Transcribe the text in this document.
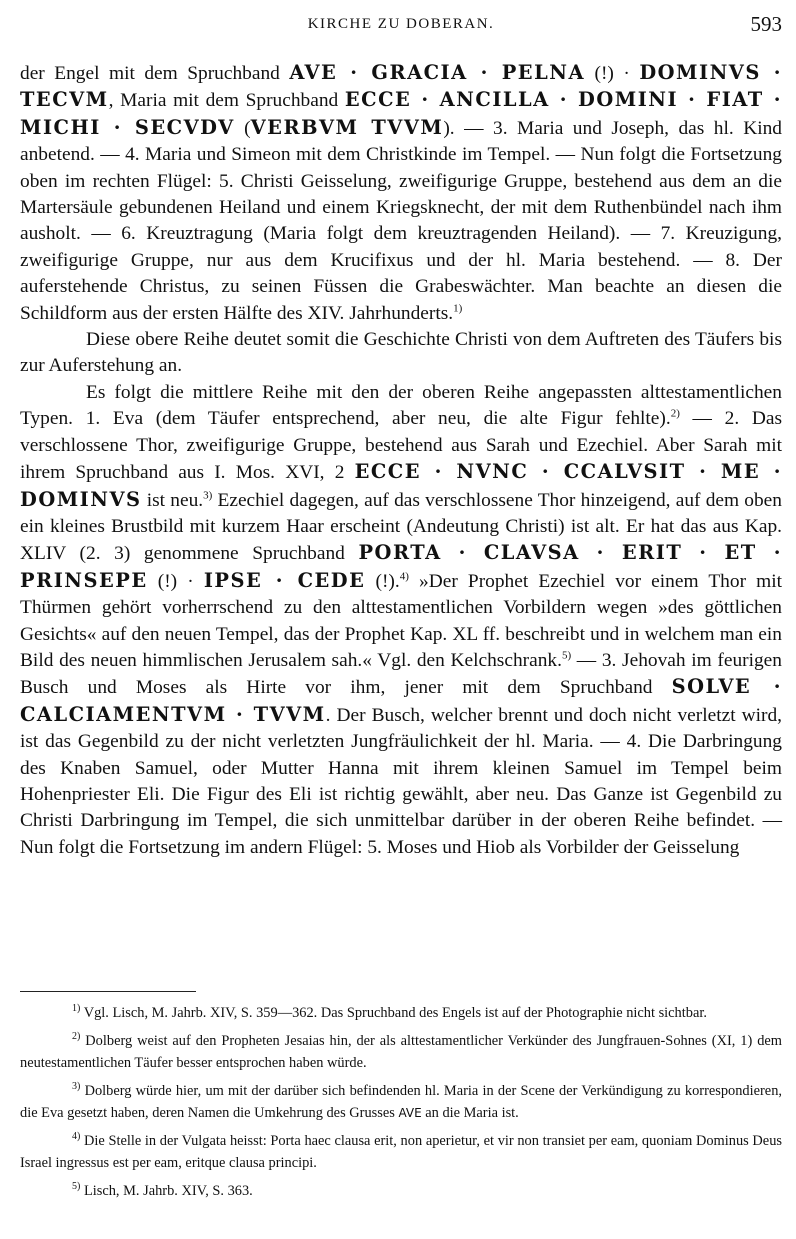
KIRCHE ZU DOBERAN.	593

der Engel mit dem Spruchband AVE · GRACIA · PELNA (!) · DOMINVS · TECVM, Maria mit dem Spruchband ECCE · ANCILLA · DOMINI · FIAT · MICHI · SECVDV (VERBVM TVVM). — 3. Maria und Joseph, das hl. Kind anbetend. — 4. Maria und Simeon mit dem Christkinde im Tempel. — Nun folgt die Fortsetzung oben im rechten Flügel: 5. Christi Geisselung, zweifigurige Gruppe, bestehend aus dem an die Martersäule gebundenen Heiland und einem Kriegsknecht, der mit dem Ruthenbündel nach ihm ausholt. — 6. Kreuztragung (Maria folgt dem kreuztragenden Heiland). — 7. Kreuzigung, zweifigurige Gruppe, nur aus dem Krucifixus und der hl. Maria bestehend. — 8. Der auferstehende Christus, zu seinen Füssen die Grabeswächter. Man beachte an diesen die Schildform aus der ersten Hälfte des XIV. Jahrhunderts.$^{1)}$

Diese obere Reihe deutet somit die Geschichte Christi von dem Auftreten des Täufers bis zur Auferstehung an.

Es folgt die mittlere Reihe mit den der oberen Reihe angepassten alttestamentlichen Typen. 1. Eva (dem Täufer entsprechend, aber neu, die alte Figur fehlte).$^{2)}$ — 2. Das verschlossene Thor, zweifigurige Gruppe, bestehend aus Sarah und Ezechiel. Aber Sarah mit ihrem Spruchband aus I. Mos. XVI, 2 ECCE · NVNC · CCALVSIT · ME · DOMINVS ist neu.$^{3)}$ Ezechiel dagegen, auf das verschlossene Thor hinzeigend, auf dem oben ein kleines Brustbild mit kurzem Haar erscheint (Andeutung Christi) ist alt. Er hat das aus Kap. XLIV (2. 3) genommene Spruchband PORTA · CLAVSA · ERIT · ET · PRINSEPE (!) · IPSE · CEDE (!).$^{4)}$ »Der Prophet Ezechiel vor einem Thor mit Thürmen gehört vorherrschend zu den alttestamentlichen Vorbildern wegen »des göttlichen Gesichts« auf den neuen Tempel, das der Prophet Kap. XL ff. beschreibt und in welchem man ein Bild des neuen himmlischen Jerusalem sah.« Vgl. den Kelchschrank.$^{5)}$ — 3. Jehovah im feurigen Busch und Moses als Hirte vor ihm, jener mit dem Spruchband SOLVE · CALCIAMENTVM · TVVM. Der Busch, welcher brennt und doch nicht verletzt wird, ist das Gegenbild zu der nicht verletzten Jungfräulichkeit der hl. Maria. — 4. Die Darbringung des Knaben Samuel, oder Mutter Hanna mit ihrem kleinen Samuel im Tempel beim Hohenpriester Eli. Die Figur des Eli ist richtig gewählt, aber neu. Das Ganze ist Gegenbild zu Christi Darbringung im Tempel, die sich unmittelbar darüber in der oberen Reihe befindet. — Nun folgt die Fortsetzung im andern Flügel: 5. Moses und Hiob als Vorbilder der Geisselung

$^{1)}$ Vgl. Lisch, M. Jahrb. XIV, S. 359—362. Das Spruchband des Engels ist auf der Photographie nicht sichtbar.

$^{2)}$ Dolberg weist auf den Propheten Jesaias hin, der als alttestamentlicher Verkünder des Jungfrauen-Sohnes (XI, 1) dem neutestamentlichen Täufer besser entsprochen haben würde.

$^{3)}$ Dolberg würde hier, um mit der darüber sich befindenden hl. Maria in der Scene der Verkündigung zu korrespondieren, die Eva gesetzt haben, deren Namen die Umkehrung des Grusses AVE an die Maria ist.

$^{4)}$ Die Stelle in der Vulgata heisst: Porta haec clausa erit, non aperietur, et vir non transiet per eam, quoniam Dominus Deus Israel ingressus est per eam, eritque clausa principi.

$^{5)}$ Lisch, M. Jahrb. XIV, S. 363.
